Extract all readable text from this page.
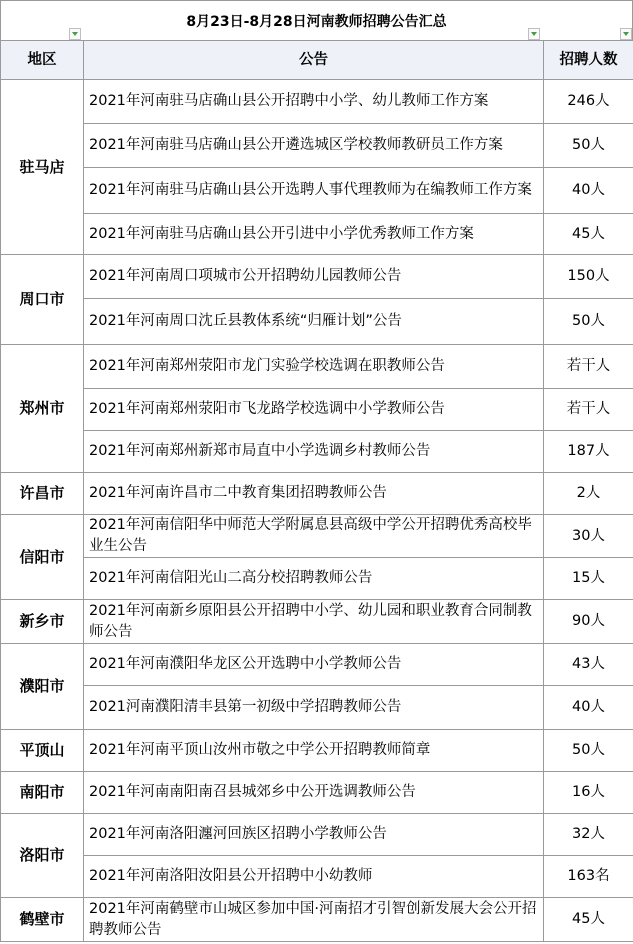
8月23日-8月28日河南教师招聘公告汇总
地区	公告	招聘人数
驻马店	2021年河南驻马店确山县公开招聘中小学、幼儿教师工作方案	246人
	2021年河南驻马店确山县公开遴选城区学校教师教研员工作方案	50人
	2021年河南驻马店确山县公开选聘人事代理教师为在编教师工作方案	40人
	2021年河南驻马店确山县公开引进中小学优秀教师工作方案	45人
周口市	2021年河南周口项城市公开招聘幼儿园教师公告	150人
	2021年河南周口沈丘县教体系统“归雁计划”公告	50人
郑州市	2021年河南郑州荥阳市龙门实验学校选调在职教师公告	若干人
	2021年河南郑州荥阳市飞龙路学校选调中小学教师公告	若干人
	2021年河南郑州新郑市局直中小学选调乡村教师公告	187人
许昌市	2021年河南许昌市二中教育集团招聘教师公告	2人
信阳市	2021年河南信阳华中师范大学附属息县高级中学公开招聘优秀高校毕业生公告	30人
	2021年河南信阳光山二高分校招聘教师公告	15人
新乡市	2021年河南新乡原阳县公开招聘中小学、幼儿园和职业教育合同制教师公告	90人
濮阳市	2021年河南濮阳华龙区公开选聘中小学教师公告	43人
	2021河南濮阳清丰县第一初级中学招聘教师公告	40人
平顶山	2021年河南平顶山汝州市敬之中学公开招聘教师简章	50人
南阳市	2021年河南南阳南召县城郊乡中公开选调教师公告	16人
洛阳市	2021年河南洛阳瀍河回族区招聘小学教师公告	32人
	2021年河南洛阳汝阳县公开招聘中小幼教师	163名
鹤壁市	2021年河南鹤壁市山城区参加中国·河南招才引智创新发展大会公开招聘教师公告	45人
